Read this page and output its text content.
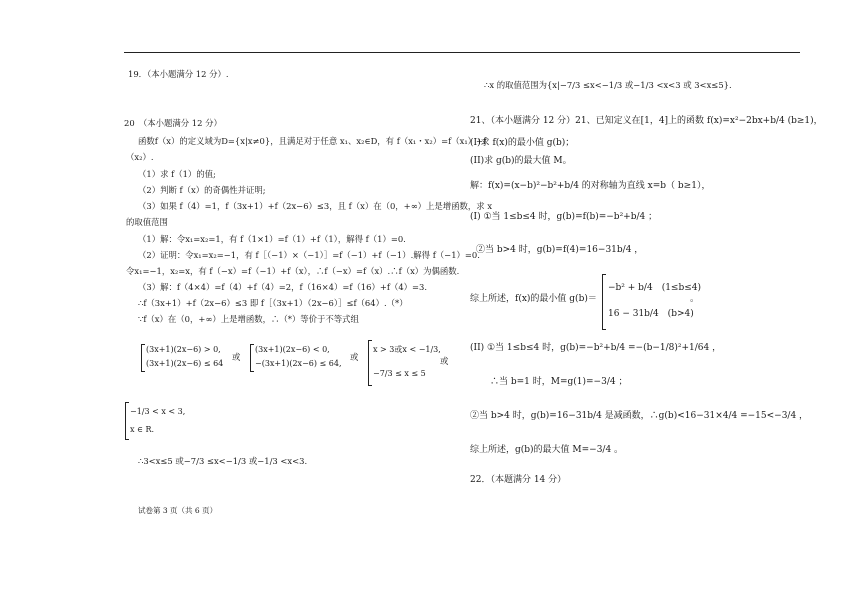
19．（本小题满分 12 分）.
20　（本小题满分 12 分）
函数f（x）的定义域为D={x|x≠0}，且满足对于任意 x₁、x₂∈D，有 f（x₁・x₂）=f（x₁）+f
（x₂）.
（1）求 f（1）的值;
（2）判断 f（x）的奇偶性并证明;
（3）如果 f（4）=1，f（3x+1）+f（2x−6）≤3，且 f（x）在（0，+∞）上是增函数，求 x
的取值范围
（1）解：令x₁=x₂=1，有 f（1×1）=f（1）+f（1），解得 f（1）=0.
（2）证明：令x₁=x₂=−1，有 f［（−1）×（−1）］=f（−1）+f（−1）.解得 f（−1）=0.
令x₁=−1，x₂=x，有 f（−x）=f（−1）+f（x），∴f（−x）=f（x）.∴f（x）为偶函数.
（3）解：f（4×4）=f（4）+f（4）=2，f（16×4）=f（16）+f（4）=3.
∴f（3x+1）+f（2x−6）≤3 即 f［（3x+1）（2x−6）］≤f（64）.（*）
∵f（x）在（0，+∞）上是增函数，∴（*）等价于不等式组
(3x+1)(2x−6) > 0,
(3x+1)(2x−6) ≤ 64
或
(3x+1)(2x−6) < 0,
−(3x+1)(2x−6) ≤ 64,
或
x > 3或x < −1/3,
−7/3 ≤ x ≤ 5
或
−1/3 < x < 3,
x ∈ R.
∴3<x≤5 或−7/3 ≤x<−1/3 或−1/3 <x<3.
试卷第 3 页（共 6 页）
∴x 的取值范围为{x|−7/3 ≤x<−1/3 或−1/3 <x<3 或 3<x≤5}.
21、（本小题满分 12 分）21、已知定义在[1，4]上的函数 f(x)=x²−2bx+b/4 (b≥1)，
(I)求 f(x)的最小值 g(b)；
(II)求 g(b)的最大值 M。
解：f(x)=(x−b)²−b²+b/4 的对称轴为直线 x=b（ b≥1），
(I) ①当 1≤b≤4 时，g(b)=f(b)=−b²+b/4 ；
②当 b>4 时，g(b)=f(4)=16−31b/4 ，
综上所述，f(x)的最小值 g(b)＝
−b² + b/4　(1≤b≤4)
16 − 31b/4　(b>4)
。
(II) ①当 1≤b≤4 时，g(b)=−b²+b/4 =−(b−1/8)²+1/64 ，
∴当 b=1 时，M=g(1)=−3/4 ；
②当 b>4 时，g(b)=16−31b/4 是减函数，∴g(b)<16−31×4/4 =−15<−3/4 ，
综上所述，g(b)的最大值 M=−3/4 。
22．（本题满分 14 分）
